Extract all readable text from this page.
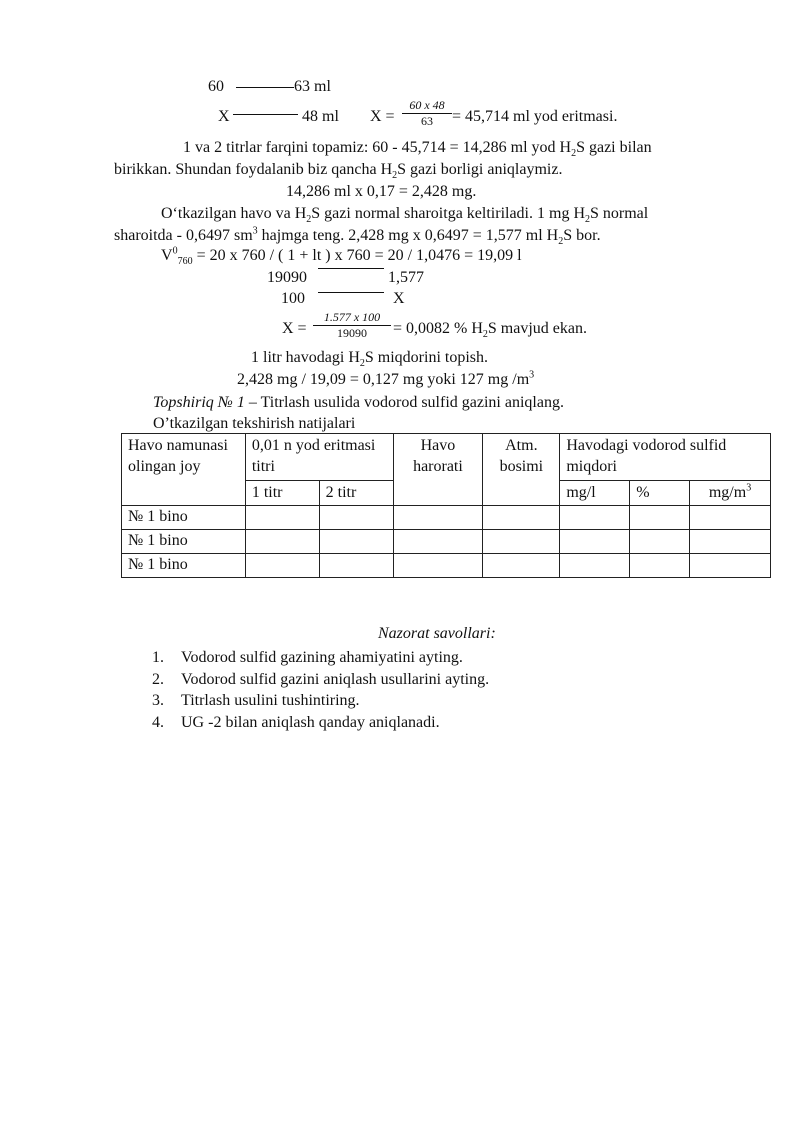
60	63 ml
X	48 ml X =
60 x 48
63	= 45,714 ml yod eritmasi.
1 va 2 titrlar farqini topamiz: 60 - 45,714 = 14,286 ml yod $H_2S$ gazi bilan
birikkan. Shundan foydalanib biz qancha $H_2S$ gazi borligi aniqlaymiz.
14,286 ml x 0,17 = 2,428 mg.
O‘tkazilgan havo va $H_2S$ gazi normal sharoitga keltiriladi. 1 mg $H_2S$ normal
sharoitda - 0,6497 $sm^3$ hajmga teng. 2,428 mg x 0,6497 = 1,577 ml $H_2S$ bor.
$V^0_{760} = 20$ x 760 / ( 1 + lt ) x 760 = 20 / 1,0476 = 19,09 l
19090	1,577
100	X
X =
1.577 x 100
19090	= 0,0082 % $H_2S$ mavjud ekan.
1 litr havodagi $H_2S$ miqdorini topish.
2,428 mg / 19,09 = 0,127 mg yoki 127 mg $/m^3$
Topshiriq № 1 – Titrlash usulida vodorod sulfid gazini aniqlang.
O’tkazilgan tekshirish natijalari
Havo namunasi olingan joy	0,01 n yod eritmasi titri		Havo harorati	Atm. bosimi	Havodagi vodorod sulfid miqdori		
	1 titr	2 titr			mg/l	%	$mg/m^3$
№ 1 bino							
№ 1 bino							
№ 1 bino							
Nazorat savollari:
1. Vodorod sulfid gazining ahamiyatini ayting.
2. Vodorod sulfid gazini aniqlash usullarini ayting.
3. Titrlash usulini tushintiring.
4. UG -2 bilan aniqlash qanday aniqlanadi.
